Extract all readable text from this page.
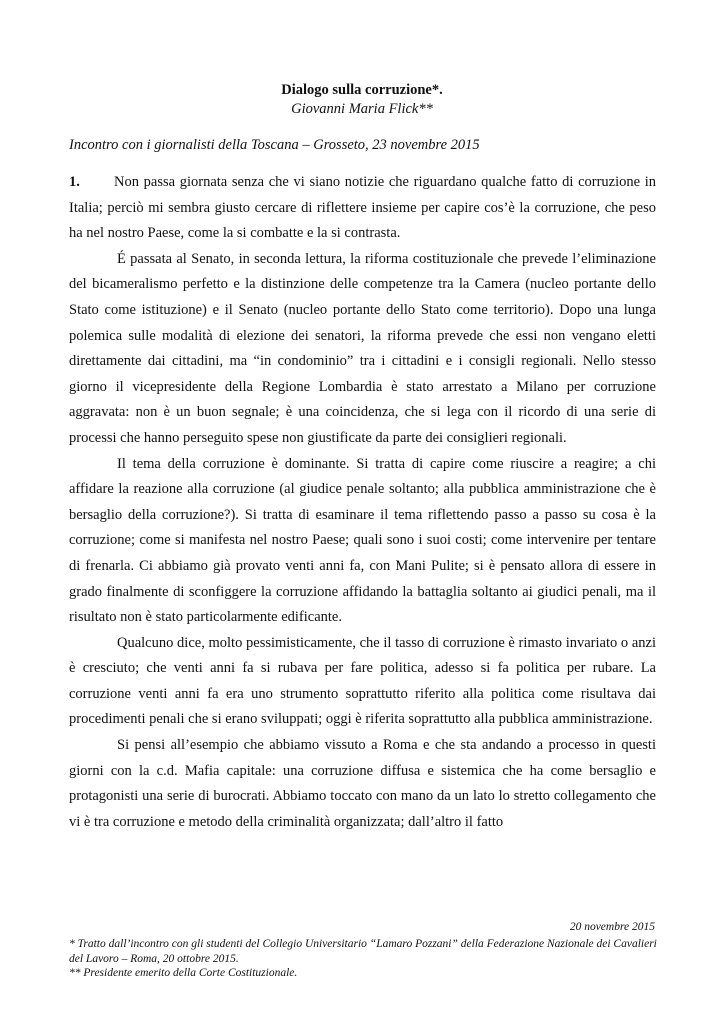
Dialogo sulla corruzione*.
Giovanni Maria Flick**
Incontro con i giornalisti della Toscana – Grosseto, 23 novembre 2015

1. Non passa giornata senza che vi siano notizie che riguardano qualche fatto di corruzione in Italia; perciò mi sembra giusto cercare di riflettere insieme per capire cos’è la corruzione, che peso ha nel nostro Paese, come la si combatte e la si contrasta.

É passata al Senato, in seconda lettura, la riforma costituzionale che prevede l’eliminazione del bicameralismo perfetto e la distinzione delle competenze tra la Camera (nucleo portante dello Stato come istituzione) e il Senato (nucleo portante dello Stato come territorio). Dopo una lunga polemica sulle modalità di elezione dei senatori, la riforma prevede che essi non vengano eletti direttamente dai cittadini, ma “in condominio” tra i cittadini e i consigli regionali. Nello stesso giorno il vicepresidente della Regione Lombardia è stato arrestato a Milano per corruzione aggravata: non è un buon segnale; è una coincidenza, che si lega con il ricordo di una serie di processi che hanno perseguito spese non giustificate da parte dei consiglieri regionali.

Il tema della corruzione è dominante. Si tratta di capire come riuscire a reagire; a chi affidare la reazione alla corruzione (al giudice penale soltanto; alla pubblica amministrazione che è bersaglio della corruzione?). Si tratta di esaminare il tema riflettendo passo a passo su cosa è la corruzione; come si manifesta nel nostro Paese; quali sono i suoi costi; come intervenire per tentare di frenarla. Ci abbiamo già provato venti anni fa, con Mani Pulite; si è pensato allora di essere in grado finalmente di sconfiggere la corruzione affidando la battaglia soltanto ai giudici penali, ma il risultato non è stato particolarmente edificante.

Qualcuno dice, molto pessimisticamente, che il tasso di corruzione è rimasto invariato o anzi è cresciuto; che venti anni fa si rubava per fare politica, adesso si fa politica per rubare. La corruzione venti anni fa era uno strumento soprattutto riferito alla politica come risultava dai procedimenti penali che si erano sviluppati; oggi è riferita soprattutto alla pubblica amministrazione.

Si pensi all’esempio che abbiamo vissuto a Roma e che sta andando a processo in questi giorni con la c.d. Mafia capitale: una corruzione diffusa e sistemica che ha come bersaglio e protagonisti una serie di burocrati. Abbiamo toccato con mano da un lato lo stretto collegamento che vi è tra corruzione e metodo della criminalità organizzata; dall’altro il fatto

20 novembre 2015
* Tratto dall’incontro con gli studenti del Collegio Universitario “Lamaro Pozzani” della Federazione Nazionale dei Cavalieri del Lavoro – Roma, 20 ottobre 2015.
** Presidente emerito della Corte Costituzionale.
